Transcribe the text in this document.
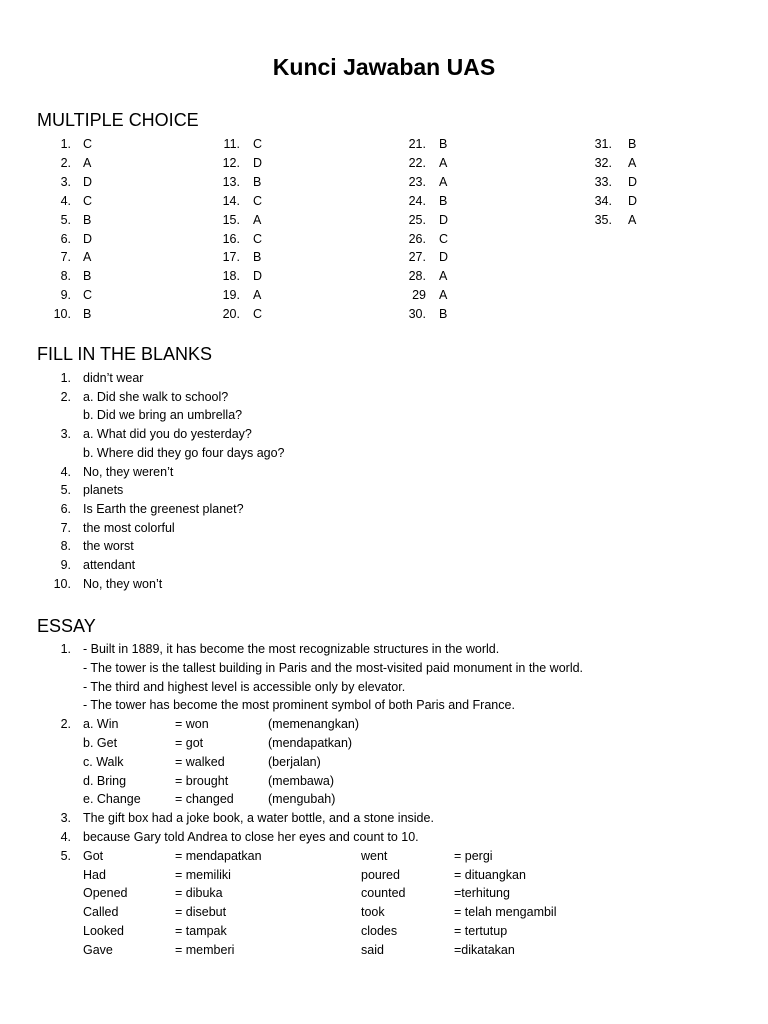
Kunci Jawaban UAS
MULTIPLE CHOICE
1. C
2. A
3. D
4. C
5. B
6. D
7. A
8. B
9. C
10. B
11. C
12. D
13. B
14. C
15. A
16. C
17. B
18. D
19. A
20. C
21. B
22. A
23. A
24. B
25. D
26. C
27. D
28. A
29 A
30. B
31. B
32. A
33. D
34. D
35. A
FILL IN THE BLANKS
1. didn’t wear
2. a. Did she walk to school?
b. Did we bring an umbrella?
3. a. What did you do yesterday?
b. Where did they go four days ago?
4. No, they weren’t
5. planets
6. Is Earth the greenest planet?
7. the most colorful
8. the worst
9. attendant
10. No, they won’t
ESSAY
1. - Built in 1889, it has become the most recognizable structures in the world.
- The tower is the tallest building in Paris and the most-visited paid monument in the world.
- The third and highest level is accessible only by elevator.
- The tower has become the most prominent symbol of both Paris and France.
2. a. Win	= won	(memenangkan)
b. Get	= got	(mendapatkan)
c. Walk	= walked	(berjalan)
d. Bring	= brought	(membawa)
e. Change	= changed	(mengubah)
3. The gift box had a joke book, a water bottle, and a stone inside.
4. because Gary told Andrea to close her eyes and count to 10.
5. Got	= mendapatkan	went	= pergi
Had	= memiliki	poured	= dituangkan
Opened	= dibuka	counted	=terhitung
Called	= disebut	took	= telah mengambil
Looked	= tampak	clodes	= tertutup
Gave	= memberi	said	=dikatakan
